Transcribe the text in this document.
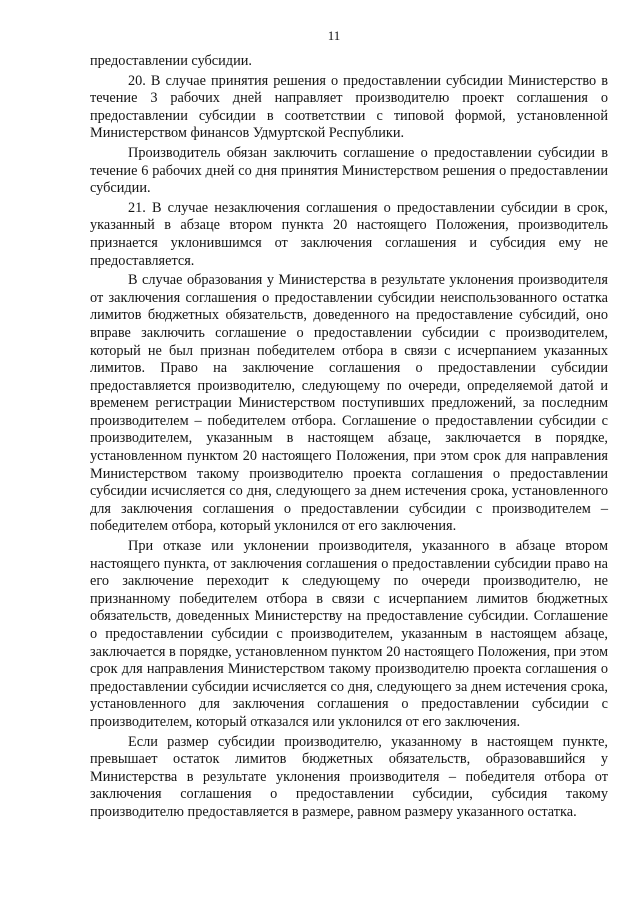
11

предоставлении субсидии.

20. В случае принятия решения о предоставлении субсидии Министерство в течение 3 рабочих дней направляет производителю проект соглашения о предоставлении субсидии в соответствии с типовой формой, установленной Министерством финансов Удмуртской Республики.

Производитель обязан заключить соглашение о предоставлении субсидии в течение 6 рабочих дней со дня принятия Министерством решения о предоставлении субсидии.

21. В случае незаключения соглашения о предоставлении субсидии в срок, указанный в абзаце втором пункта 20 настоящего Положения, производитель признается уклонившимся от заключения соглашения и субсидия ему не предоставляется.

В случае образования у Министерства в результате уклонения производителя от заключения соглашения о предоставлении субсидии неиспользованного остатка лимитов бюджетных обязательств, доведенного на предоставление субсидий, оно вправе заключить соглашение о предоставлении субсидии с производителем, который не был признан победителем отбора в связи с исчерпанием указанных лимитов. Право на заключение соглашения о предоставлении субсидии предоставляется производителю, следующему по очереди, определяемой датой и временем регистрации Министерством поступивших предложений, за последним производителем – победителем отбора. Соглашение о предоставлении субсидии с производителем, указанным в настоящем абзаце, заключается в порядке, установленном пунктом 20 настоящего Положения, при этом срок для направления Министерством такому производителю проекта соглашения о предоставлении субсидии исчисляется со дня, следующего за днем истечения срока, установленного для заключения соглашения о предоставлении субсидии с производителем – победителем отбора, который уклонился от его заключения.

При отказе или уклонении производителя, указанного в абзаце втором настоящего пункта, от заключения соглашения о предоставлении субсидии право на его заключение переходит к следующему по очереди производителю, не признанному победителем отбора в связи с исчерпанием лимитов бюджетных обязательств, доведенных Министерству на предоставление субсидии. Соглашение о предоставлении субсидии с производителем, указанным в настоящем абзаце, заключается в порядке, установленном пунктом 20 настоящего Положения, при этом срок для направления Министерством такому производителю проекта соглашения о предоставлении субсидии исчисляется со дня, следующего за днем истечения срока, установленного для заключения соглашения о предоставлении субсидии с производителем, который отказался или уклонился от его заключения.

Если размер субсидии производителю, указанному в настоящем пункте, превышает остаток лимитов бюджетных обязательств, образовавшийся у Министерства в результате уклонения производителя – победителя отбора от заключения соглашения о предоставлении субсидии, субсидия такому производителю предоставляется в размере, равном размеру указанного остатка.
